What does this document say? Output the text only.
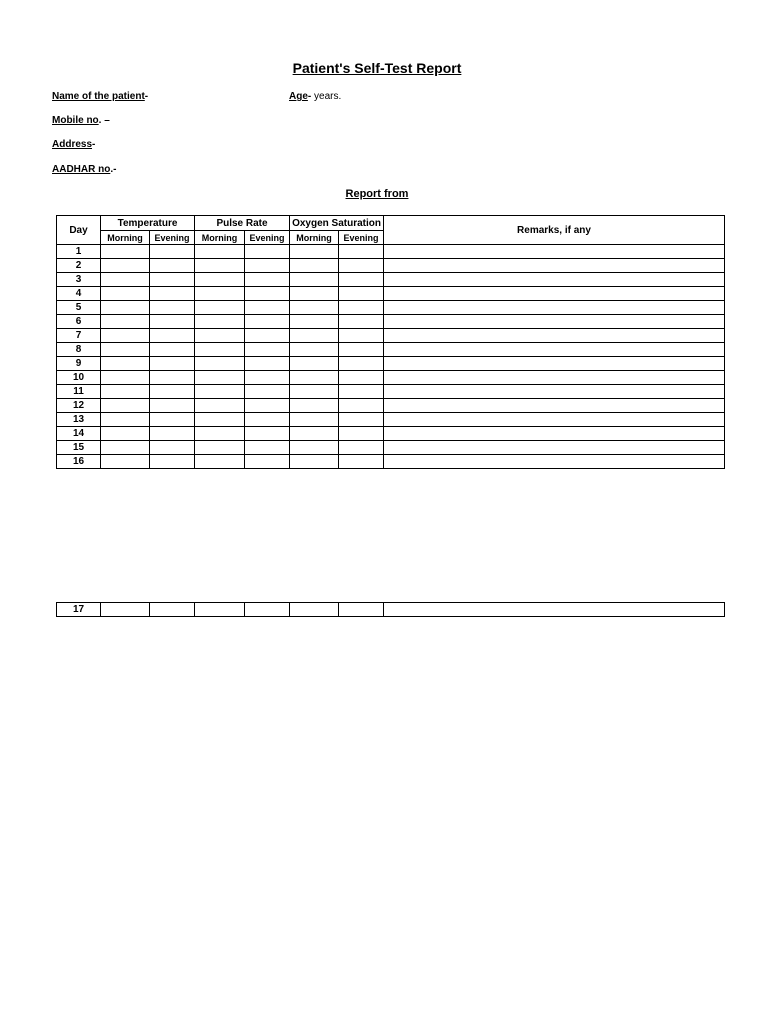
Patient's Self-Test Report
Name of the patient-	Age- years.
Mobile no. –
Address-
AADHAR no.-
Report from
Day	Temperature		Pulse Rate		Oxygen Saturation		Remarks, if any
	Morning	Evening	Morning	Evening	Morning	Evening	
1							
2							
3							
4							
5							
6							
7							
8							
9							
10							
11							
12							
13							
14							
15							
16							
17							
